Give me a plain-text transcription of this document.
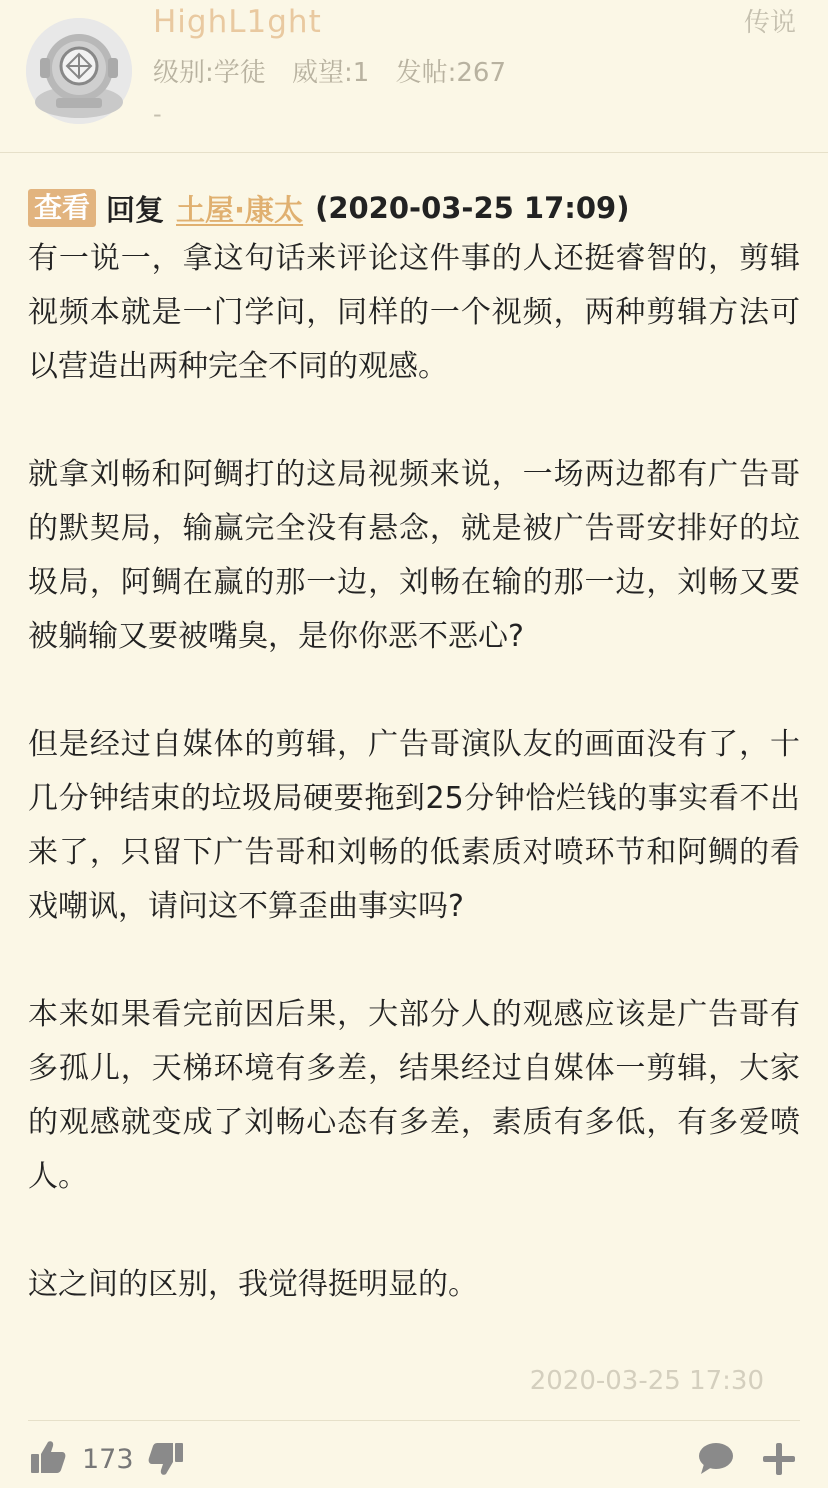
HighL1ght
级别:学徒 威望:1 发帖:267
-
传说
查看 回复 土屋·康太 (2020-03-25 17:09)

有一说一，拿这句话来评论这件事的人还挺睿智的，剪辑视频本就是一门学问，同样的一个视频，两种剪辑方法可以营造出两种完全不同的观感。

就拿刘畅和阿鲷打的这局视频来说，一场两边都有广告哥的默契局，输赢完全没有悬念，就是被广告哥安排好的垃圾局，阿鲷在赢的那一边，刘畅在输的那一边，刘畅又要被躺输又要被嘴臭，是你你恶不恶心?

但是经过自媒体的剪辑，广告哥演队友的画面没有了，十几分钟结束的垃圾局硬要拖到25分钟恰烂钱的事实看不出来了，只留下广告哥和刘畅的低素质对喷环节和阿鲷的看戏嘲讽，请问这不算歪曲事实吗?

本来如果看完前因后果，大部分人的观感应该是广告哥有多孤儿，天梯环境有多差，结果经过自媒体一剪辑，大家的观感就变成了刘畅心态有多差，素质有多低，有多爱喷人。

这之间的区别，我觉得挺明显的。

2020-03-25 17:30
173
